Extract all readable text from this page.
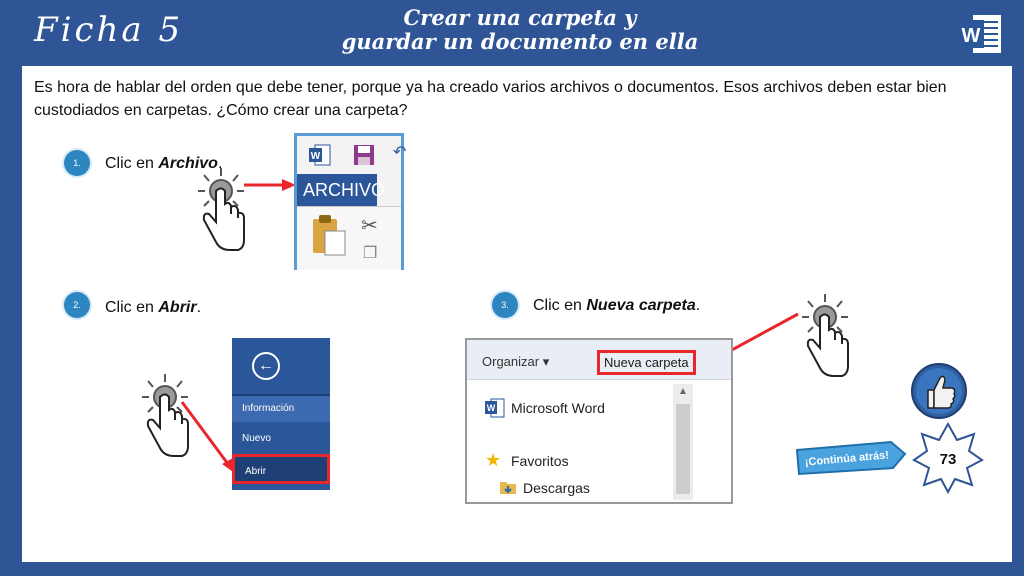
Ficha 5	Crear una carpeta y
guardar un documento en ella	W

Es hora de hablar del orden que debe tener, porque ya ha creado varios archivos o documentos. Esos archivos deben estar bien custodiados en carpetas. ¿Cómo crear una carpeta?

1.	Clic en Archivo.	W	↶
ARCHIVO
✂
❐
2.	Clic en Abrir.
←
Información
Nuevo
Abrir
3.	Clic en Nueva carpeta.
Organizar ▾	Nueva carpeta
W Microsoft Word
★ Favoritos
Descargas
▲
¡Continúa atrás!	73
